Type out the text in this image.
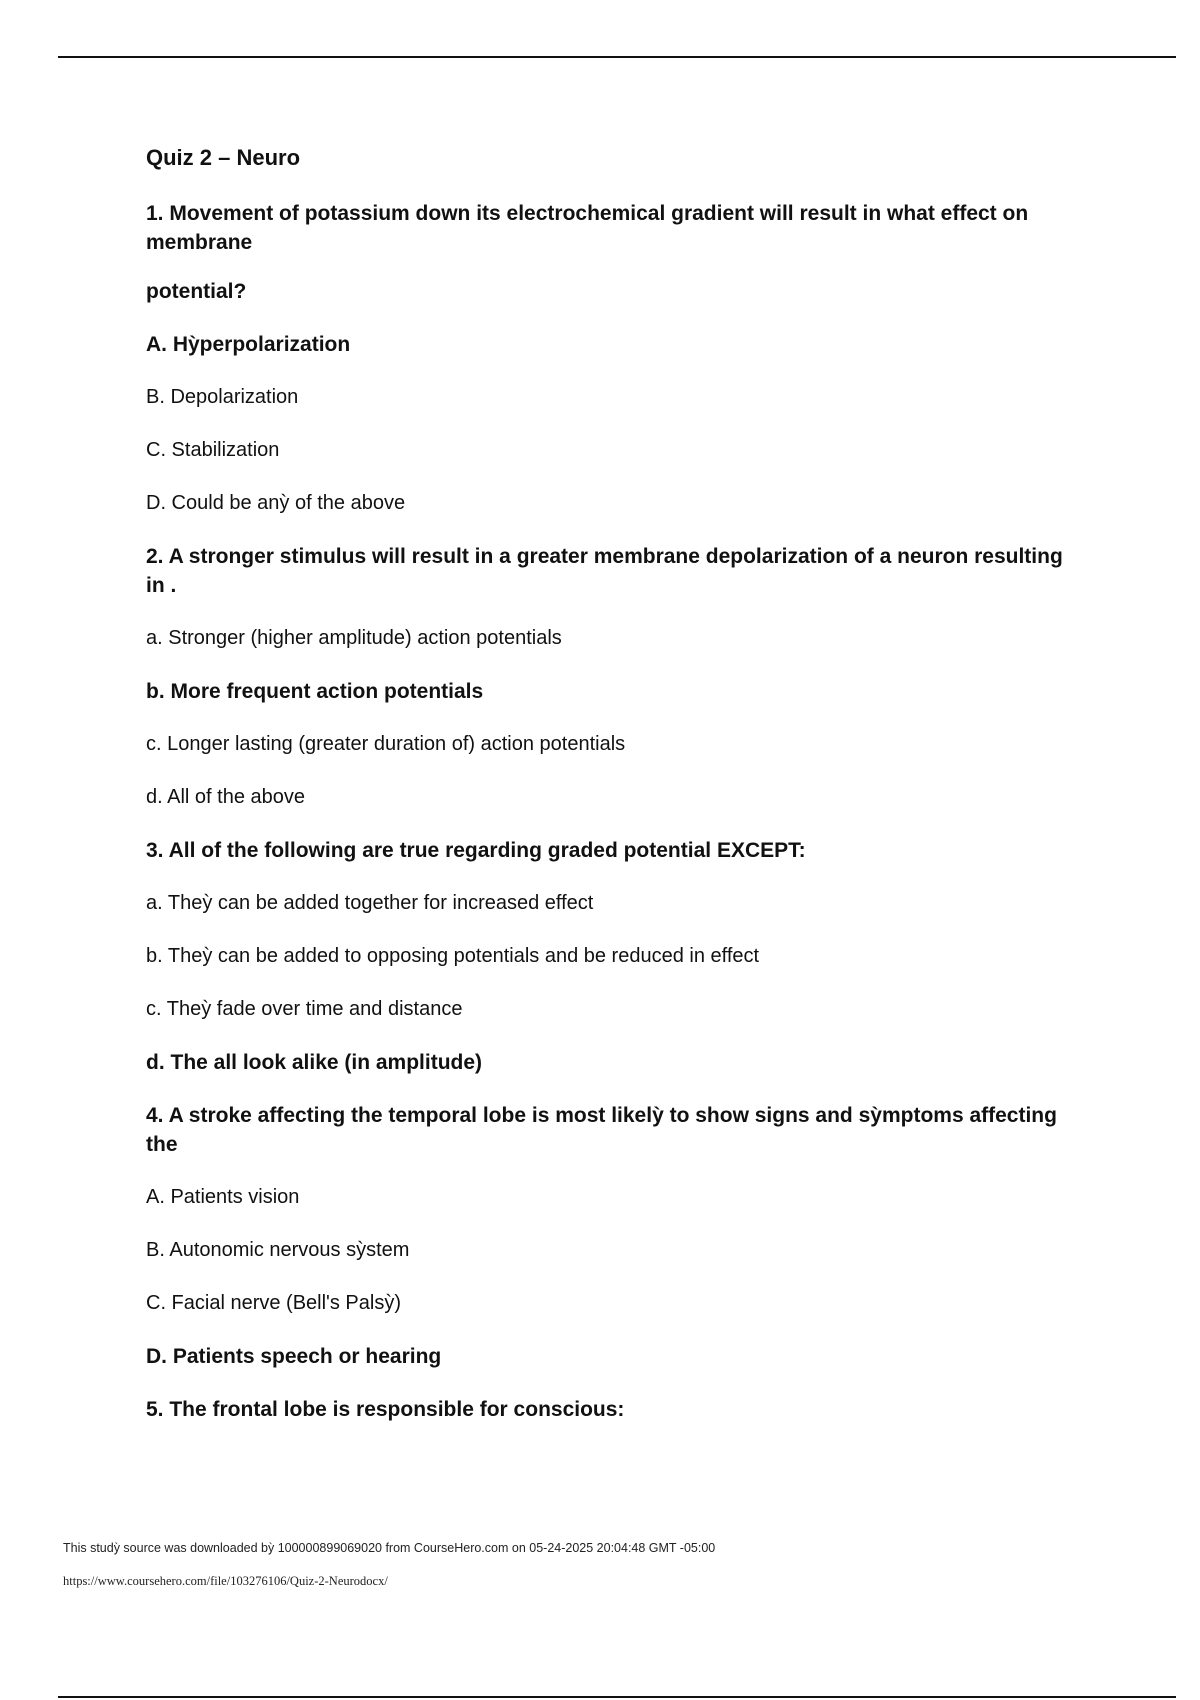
Quiz 2 – Neuro
1. Movement of potassium down its electrochemical gradient will result in what effect on membrane
potential?
A. Hỳperpolarization
B. Depolarization
C. Stabilization
D. Could be anỳ of the above
2. A stronger stimulus will result in a greater membrane depolarization of a neuron resulting in .
a. Stronger (higher amplitude) action potentials
b. More frequent action potentials
c. Longer lasting (greater duration of) action potentials
d. All of the above
3. All of the following are true regarding graded potential EXCEPT:
a. Theỳ can be added together for increased effect
b. Theỳ can be added to opposing potentials and be reduced in effect
c. Theỳ fade over time and distance
d. The all look alike (in amplitude)
4. A stroke affecting the temporal lobe is most likelỳ to show signs and sỳmptoms affecting the
A. Patients vision
B. Autonomic nervous sỳstem
C. Facial nerve (Bell's Palsỳ)
D. Patients speech or hearing
5. The frontal lobe is responsible for conscious:
This studỳ source was downloaded bỳ 100000899069020 from CourseHero.com on 05-24-2025 20:04:48 GMT -05:00
https://www.coursehero.com/file/103276106/Quiz-2-Neurodocx/
